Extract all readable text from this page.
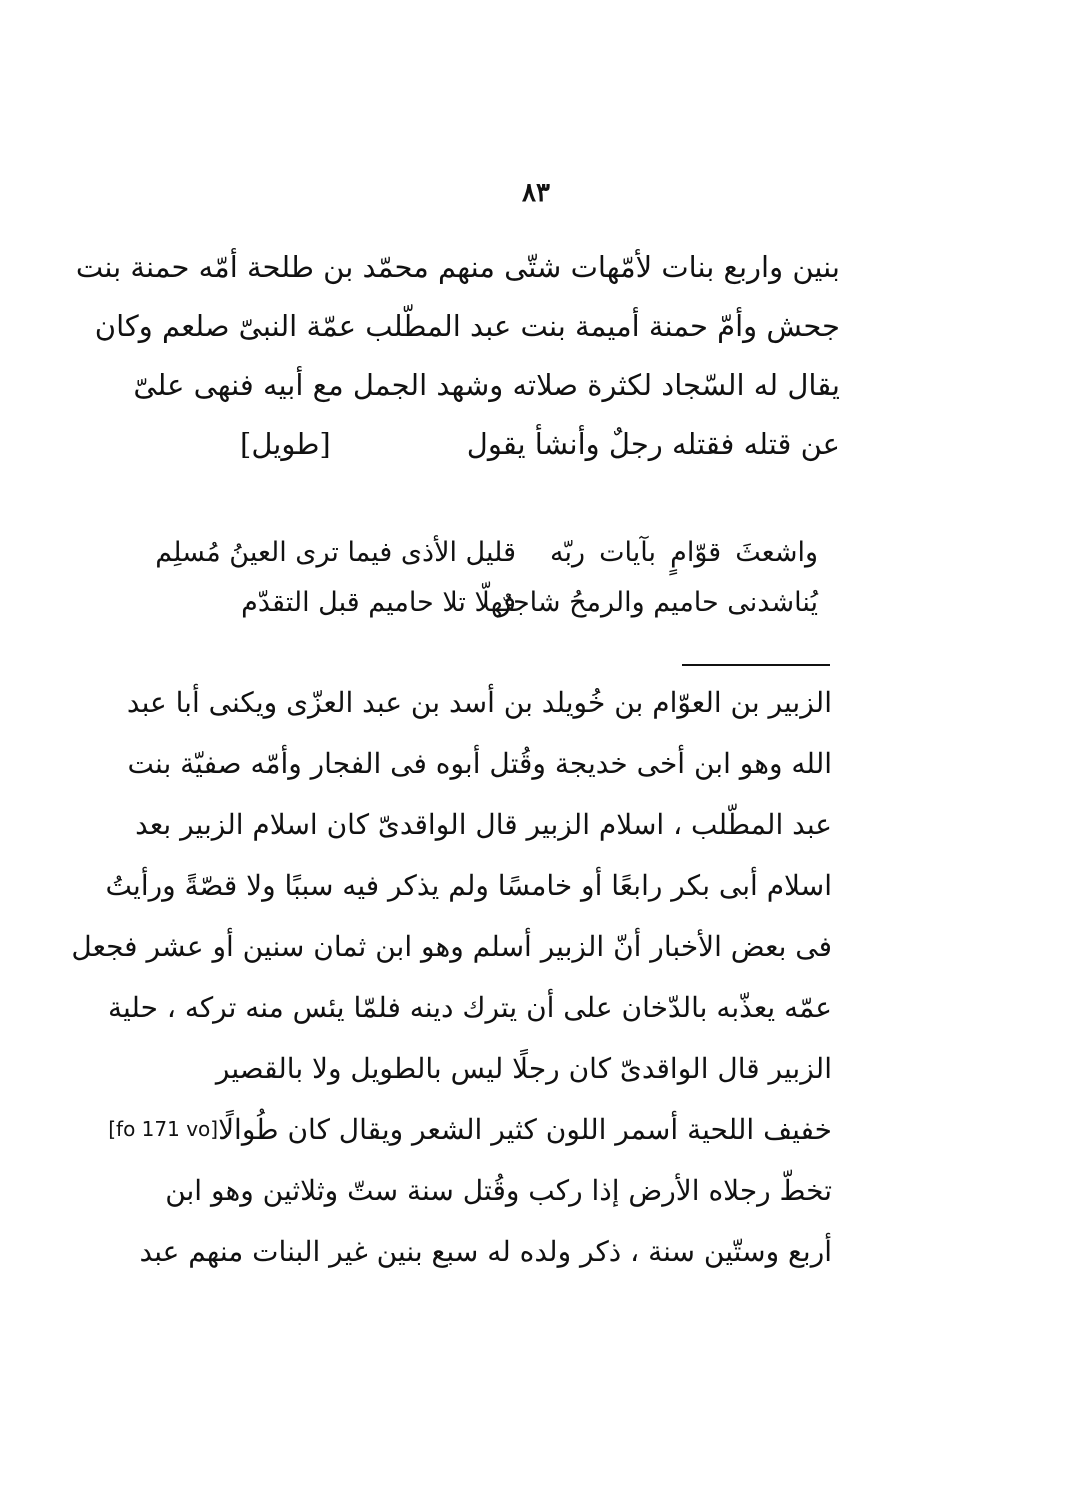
٨٣
بنين واربع بنات لأمّهات شتّى منهم محمّد بن طلحة أمّه حمنة بنت
جحش وأمّ حمنة أميمة بنت عبد المطّلب عمّة النبىّ صلعم وكان
يقال له السّجاد لكثرة صلاته وشهد الجمل مع أبيه فنهى علىّ
عن قتله فقتله رجلٌ وأنشأ يقول
[طويل]
واشعثَ قوّامٍ بآيات ربّه
قليل الأذى فيما ترى العينُ مُسلِم
يُناشدنى حاميم والرمحُ شاجرٌ
فهلّا تلا حاميم قبل التقدّم
الزبير بن العوّام بن خُويلد بن أسد بن عبد العزّى ويكنى أبا عبد
الله وهو ابن أخى خديجة وقُتل أبوه فى الفجار وأمّه صفيّة بنت
عبد المطّلب ، اسلام الزبير قال الواقدىّ كان اسلام الزبير بعد
اسلام أبى بكر رابعًا أو خامسًا ولم يذكر فيه سببًا ولا قصّةً ورأيتُ
فى بعض الأخبار أنّ الزبير أسلم وهو ابن ثمان سنين أو عشر فجعل
عمّه يعذّبه بالدّخان على أن يترك دينه فلمّا يئس منه تركه ، حلية
الزبير قال الواقدىّ كان رجلًا ليس بالطويل ولا بالقصير
خفيف اللحية أسمر اللون كثير الشعر ويقال كان طُوالًا
[fo 171 vo]
تخطّ رجلاه الأرض إذا ركب وقُتل سنة ستّ وثلاثين وهو ابن
أربع وستّين سنة ، ذكر ولده له سبع بنين غير البنات منهم عبد
